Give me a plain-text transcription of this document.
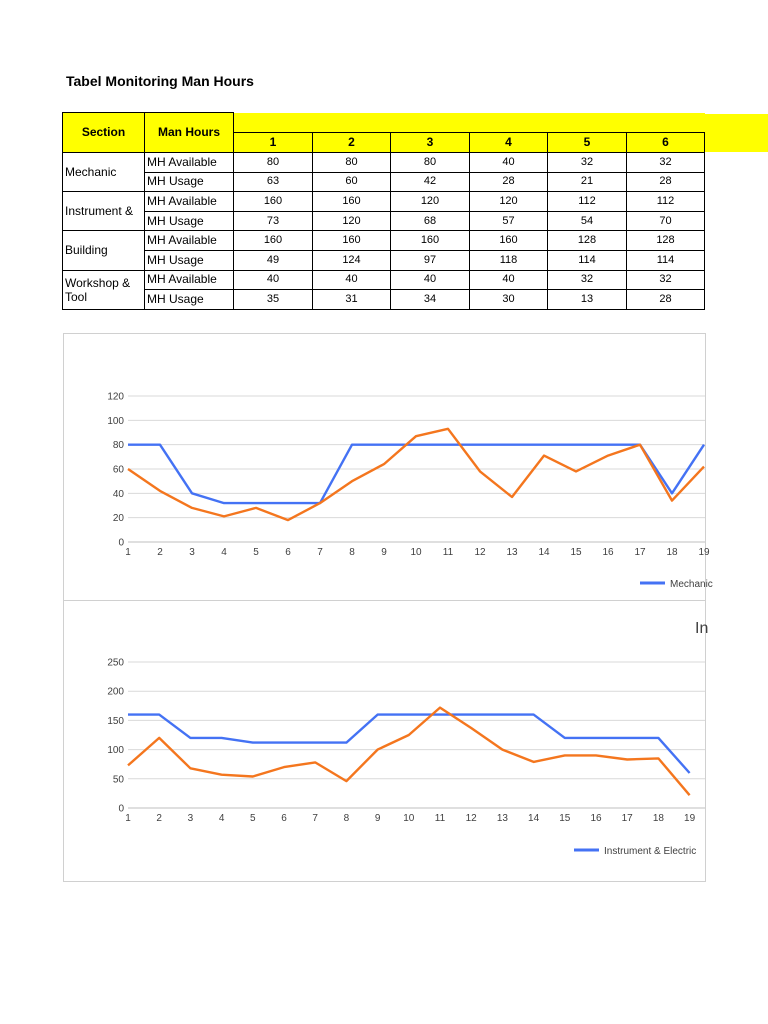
Tabel Monitoring Man Hours
Section	Man Hours						
		1	2	3	4	5	6
Mechanic	MH Available	80	80	80	40	32	32
	MH Usage	63	60	42	28	21	28
Instrument &	MH Available	160	160	120	120	112	112
	MH Usage	73	120	68	57	54	70
Building	MH Available	160	160	160	160	128	128
	MH Usage	49	124	97	118	114	114
Workshop & Tool	MH Available	40	40	40	40	32	32
	MH Usage	35	31	34	30	13	28
0
20
40
60
80
100
120
1	2	3	4	5	6	7	8	9 10 11 12 13 14 15 16 17 18 19
Mechanic
0
50
100
150
200
250
1	2	3	4	5	6	7	8	9 10 11 12 13 14 15 16 17 18 19
Instrument & Electric
In
